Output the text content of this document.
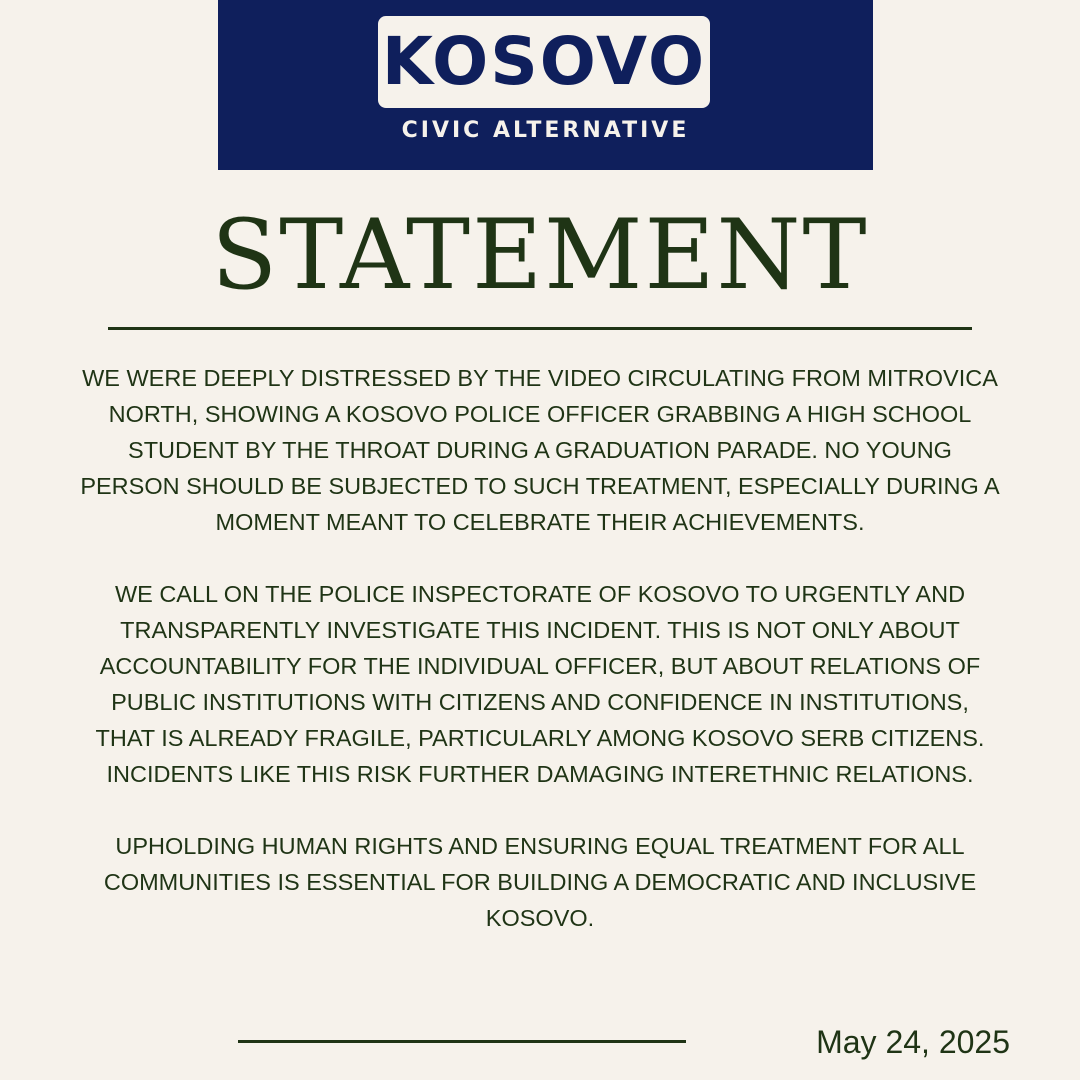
KOSOVO
CIVIC ALTERNATIVE
STATEMENT

WE WERE DEEPLY DISTRESSED BY THE VIDEO CIRCULATING FROM MITROVICA NORTH, SHOWING A KOSOVO POLICE OFFICER GRABBING A HIGH SCHOOL STUDENT BY THE THROAT DURING A GRADUATION PARADE. NO YOUNG PERSON SHOULD BE SUBJECTED TO SUCH TREATMENT, ESPECIALLY DURING A MOMENT MEANT TO CELEBRATE THEIR ACHIEVEMENTS.

WE CALL ON THE POLICE INSPECTORATE OF KOSOVO TO URGENTLY AND TRANSPARENTLY INVESTIGATE THIS INCIDENT. THIS IS NOT ONLY ABOUT ACCOUNTABILITY FOR THE INDIVIDUAL OFFICER, BUT ABOUT RELATIONS OF PUBLIC INSTITUTIONS WITH CITIZENS AND CONFIDENCE IN INSTITUTIONS, THAT IS ALREADY FRAGILE, PARTICULARLY AMONG KOSOVO SERB CITIZENS. INCIDENTS LIKE THIS RISK FURTHER DAMAGING INTERETHNIC RELATIONS.

UPHOLDING HUMAN RIGHTS AND ENSURING EQUAL TREATMENT FOR ALL COMMUNITIES IS ESSENTIAL FOR BUILDING A DEMOCRATIC AND INCLUSIVE KOSOVO.

May 24, 2025
